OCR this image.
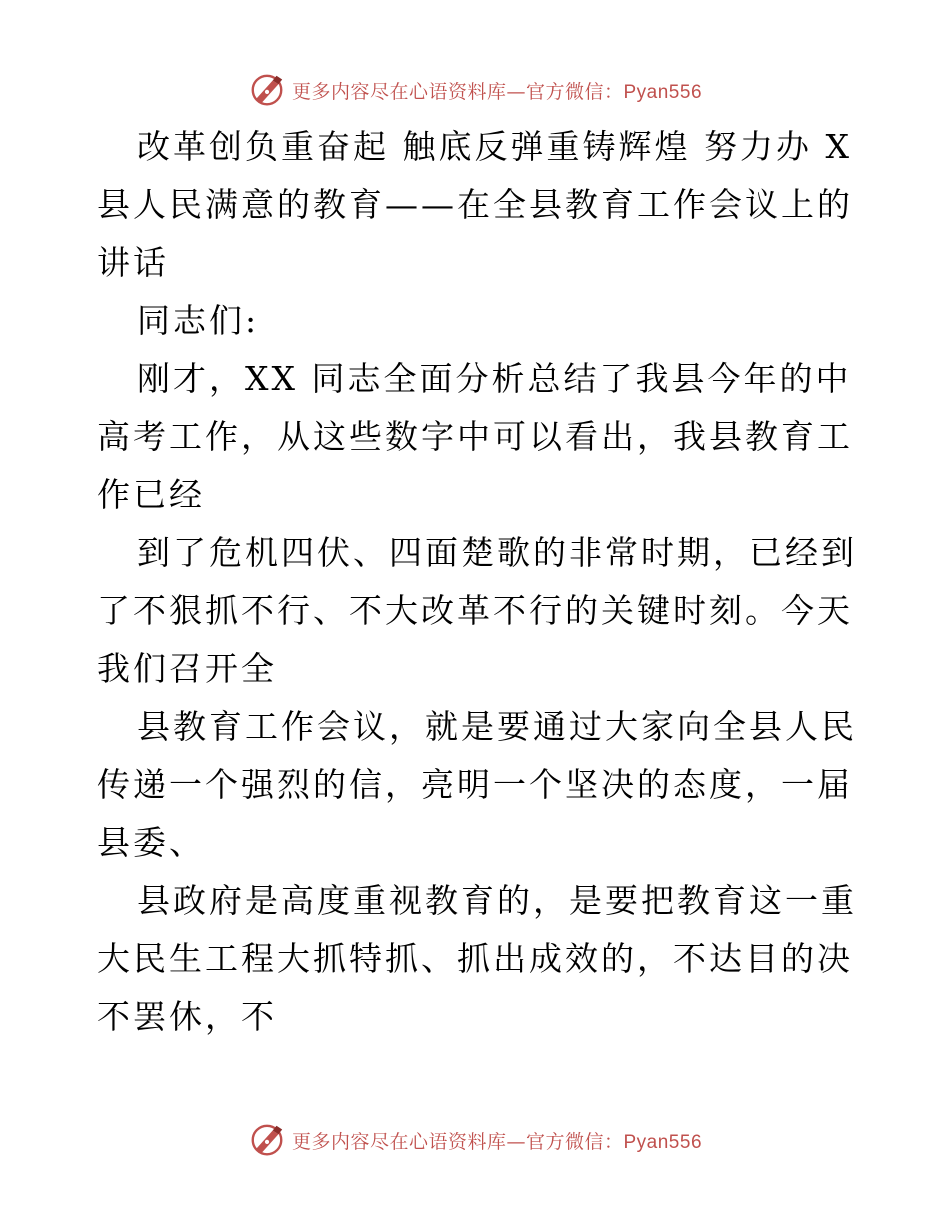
更多内容尽在心语资料库—官方微信：Pyan556

改革创负重奋起 触底反弹重铸辉煌 努力办 X 县人民满意的教育——在全县教育工作会议上的讲话

同志们:

刚才，XX 同志全面分析总结了我县今年的中高考工作，从这些数字中可以看出，我县教育工作已经

到了危机四伏、四面楚歌的非常时期，已经到了不狠抓不行、不大改革不行的关键时刻。今天我们召开全

县教育工作会议，就是要通过大家向全县人民传递一个强烈的信，亮明一个坚决的态度，一届县委、

县政府是高度重视教育的，是要把教育这一重大民生工程大抓特抓、抓出成效的，不达目的决不罢休，不

更多内容尽在心语资料库—官方微信：Pyan556
